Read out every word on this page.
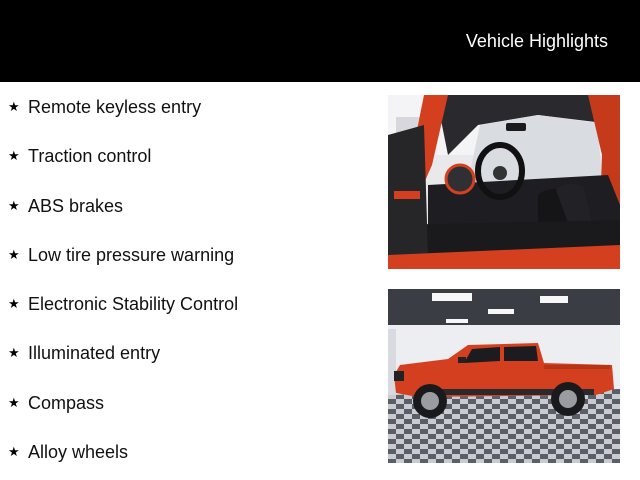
Vehicle Highlights
★ Remote keyless entry
★ Traction control
★ ABS brakes
★ Low tire pressure warning
★ Electronic Stability Control
★ Illuminated entry
★ Compass
★ Alloy wheels
